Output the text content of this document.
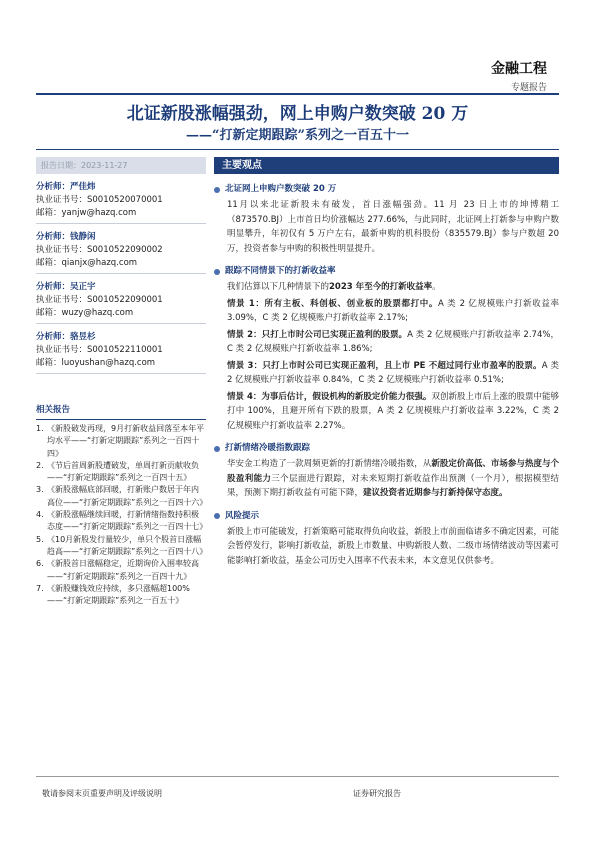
金融工程
专题报告
北证新股涨幅强劲，网上申购户数突破 20 万
——“打新定期跟踪”系列之一百五十一
报告日期：2023-11-27
分析师：严佳炜
执业证书号：S0010520070001
邮箱：yanjw@hazq.com
分析师：钱静闲
执业证书号：S0010522090002
邮箱：qianjx@hazq.com
分析师：吴正宇
执业证书号：S0010522090001
邮箱：wuzy@hazq.com
分析师：骆昱杉
执业证书号：S0010522110001
邮箱：luoyushan@hazq.com
相关报告
1. 《新股破发再现，9月打新收益回落至本年平均水平——“打新定期跟踪”系列之一百四十四》
2. 《节后首周新股遭破发，单周打新贡献收负——“打新定期跟踪”系列之一百四十五》
3. 《新股涨幅底部回暖，打新账户数居于年内高位——“打新定期跟踪”系列之一百四十六》
4. 《新股涨幅继续回暖，打新情绪指数持积极态度——“打新定期跟踪”系列之一百四十七》
5. 《10月新股发行量较少，单只个股首日涨幅趋高——“打新定期跟踪”系列之一百四十八》
6. 《新股首日涨幅稳定，近期询价入围率较高——“打新定期跟踪”系列之一百四十九》
7. 《新股赚钱效应持续，多只涨幅超100%——“打新定期跟踪”系列之一百五十》
主要观点
北证网上申购户数突破 20 万
11月以来北证新股未有破发，首日涨幅强劲。11 月 23 日上市的坤博精工（873570.BJ）上市首日均价涨幅达 277.66%，与此同时，北证网上打新参与申购户数明显攀升，年初仅有 5 万户左右，最新申购的机科股份（835579.BJ）参与户数超 20 万，投资者参与申购的积极性明显提升。
跟踪不同情景下的打新收益率
我们估算以下几种情景下的2023 年至今的打新收益率。
情景 1：所有主板、科创板、创业板的股票都打中。A 类 2 亿规模账户打新收益率 3.09%，C 类 2 亿规模账户打新收益率 2.17%;
情景 2：只打上市时公司已实现正盈利的股票。A 类 2 亿规模账户打新收益率 2.74%，C 类 2 亿规模账户打新收益率 1.86%;
情景 3：只打上市时公司已实现正盈利，且上市 PE 不超过同行业市盈率的股票。A 类 2 亿规模账户打新收益率 0.84%，C 类 2 亿规模账户打新收益率 0.51%;
情景 4：为事后估计，假设机构的新股定价能力很强。双创新股上市后上涨的股票中能够打中 100%，且避开所有下跌的股票，A 类 2 亿规模账户打新收益率 3.22%，C 类 2 亿规模账户打新收益率 2.27%。
打新情绪冷暖指数跟踪
华安金工构造了一款周频更新的打新情绪冷暖指数，从新股定价高低、市场参与热度与个股盈利能力三个层面进行跟踪，对未来短期打新收益作出预测（一个月），根据模型结果，预测下期打新收益有可能下降，建议投资者近期参与打新持保守态度。
风险提示
新股上市可能破发，打新策略可能取得负向收益，新股上市前面临诸多不确定因素，可能会暂停发行，影响打新收益，新股上市数量、申购新股人数、二级市场情绪波动等因素可能影响打新收益，基金公司历史入围率不代表未来，本文意见仅供参考。
敬请参阅末页重要声明及评级说明	证券研究报告
